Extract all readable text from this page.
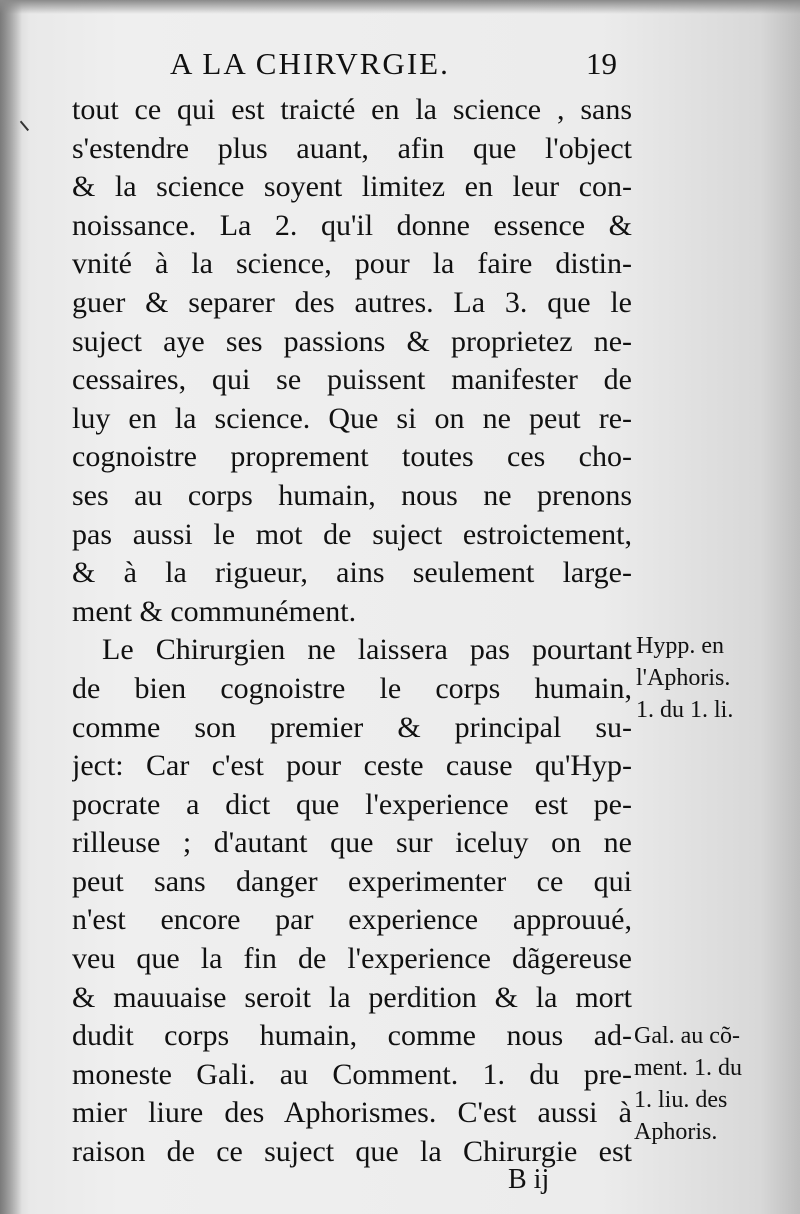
A LA CHIRVRGIE.	19
tout ce qui est traicté en la science , sans
s'estendre plus auant, afin que l'object
& la science soyent limitez en leur con-
noissance. La 2. qu'il donne essence &
vnité à la science, pour la faire distin-
guer & separer des autres. La 3. que le
suject aye ses passions & proprietez ne-
cessaires, qui se puissent manifester de
luy en la science. Que si on ne peut re-
cognoistre proprement toutes ces cho-
ses au corps humain, nous ne prenons
pas aussi le mot de suject estroictement,
& à la rigueur, ains seulement large-
ment & communément.
Le Chirurgien ne laissera pas pourtant
de bien cognoistre le corps humain,
comme son premier & principal su-
ject: Car c'est pour ceste cause qu'Hyp-
pocrate a dict que l'experience est pe-
rilleuse ; d'autant que sur iceluy on ne
peut sans danger experimenter ce qui
n'est encore par experience approuué,
veu que la fin de l'experience dãgereuse
& mauuaise seroit la perdition & la mort
dudit corps humain, comme nous ad-
moneste Gali. au Comment. 1. du pre-
mier liure des Aphorismes. C'est aussi à
raison de ce suject que la Chirurgie est
Hypp. en
l'Aphoris.
1. du 1. li.
Gal. au cõ-
ment. 1. du
1. liu. des
Aphoris.
B ij
